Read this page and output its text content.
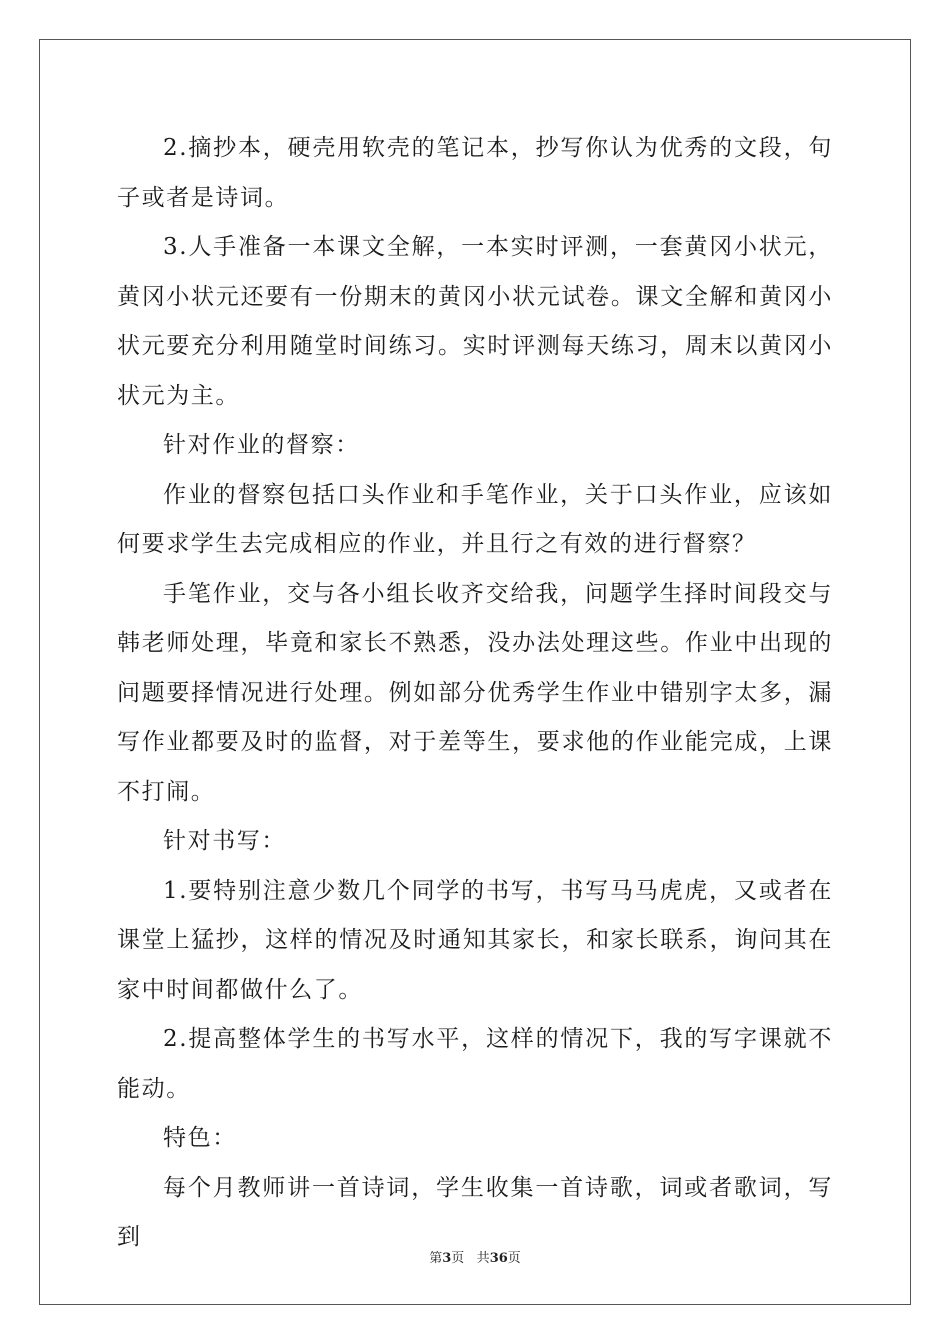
2.摘抄本，硬壳用软壳的笔记本，抄写你认为优秀的文段，句子或者是诗词。

3.人手准备一本课文全解，一本实时评测，一套黄冈小状元，黄冈小状元还要有一份期末的黄冈小状元试卷。课文全解和黄冈小状元要充分利用随堂时间练习。实时评测每天练习，周末以黄冈小状元为主。

针对作业的督察：

作业的督察包括口头作业和手笔作业，关于口头作业，应该如何要求学生去完成相应的作业，并且行之有效的进行督察？

手笔作业，交与各小组长收齐交给我，问题学生择时间段交与韩老师处理，毕竟和家长不熟悉，没办法处理这些。作业中出现的问题要择情况进行处理。例如部分优秀学生作业中错别字太多，漏写作业都要及时的监督，对于差等生，要求他的作业能完成，上课不打闹。

针对书写：

1.要特别注意少数几个同学的书写，书写马马虎虎，又或者在课堂上猛抄，这样的情况及时通知其家长，和家长联系，询问其在家中时间都做什么了。

2.提高整体学生的书写水平，这样的情况下，我的写字课就不能动。

特色：

每个月教师讲一首诗词，学生收集一首诗歌，词或者歌词，写到

第3页 共36页
